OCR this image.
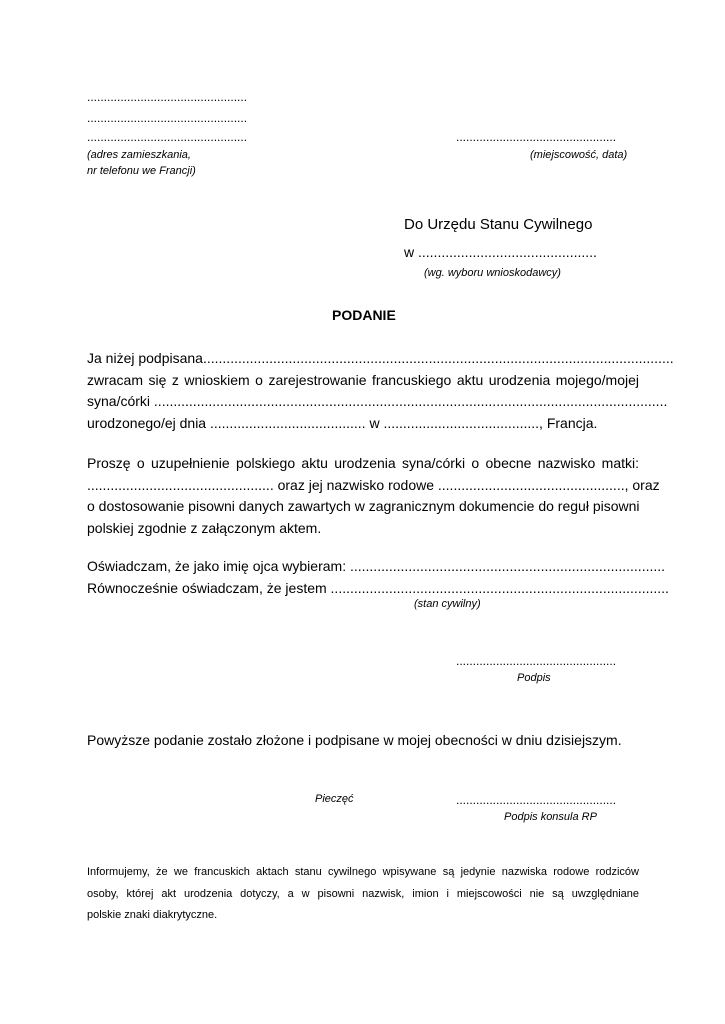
................................................
................................................
................................................
(adres zamieszkania,
nr telefonu we Francji)
................................................
(miejscowość, data)
Do Urzędu Stanu Cywilnego
w ..............................................
(wg. wyboru wnioskodawcy)
PODANIE
Ja niżej podpisana.........................................................................................................................
zwracam się z wnioskiem o zarejestrowanie francuskiego aktu urodzenia mojego/mojej
syna/córki ....................................................................................................................................
urodzonego/ej dnia ........................................ w ........................................, Francja.
Proszę o uzupełnienie polskiego aktu urodzenia syna/córki o obecne nazwisko matki:
................................................ oraz jej nazwisko rodowe ................................................, oraz
o dostosowanie pisowni danych zawartych w zagranicznym dokumencie do reguł pisowni
polskiej zgodnie z załączonym aktem.
Oświadczam, że jako imię ojca wybieram: .................................................................................
Równocześnie oświadczam, że jestem .......................................................................................
(stan cywilny)
................................................
Podpis
Powyższe podanie zostało złożone i podpisane w mojej obecności w dniu dzisiejszym.
Pieczęć	................................................
Podpis konsula RP
Informujemy, że we francuskich aktach stanu cywilnego wpisywane są jedynie nazwiska rodowe rodziców
osoby, której akt urodzenia dotyczy, a w pisowni nazwisk, imion i miejscowości nie są uwzględniane
polskie znaki diakrytyczne.
